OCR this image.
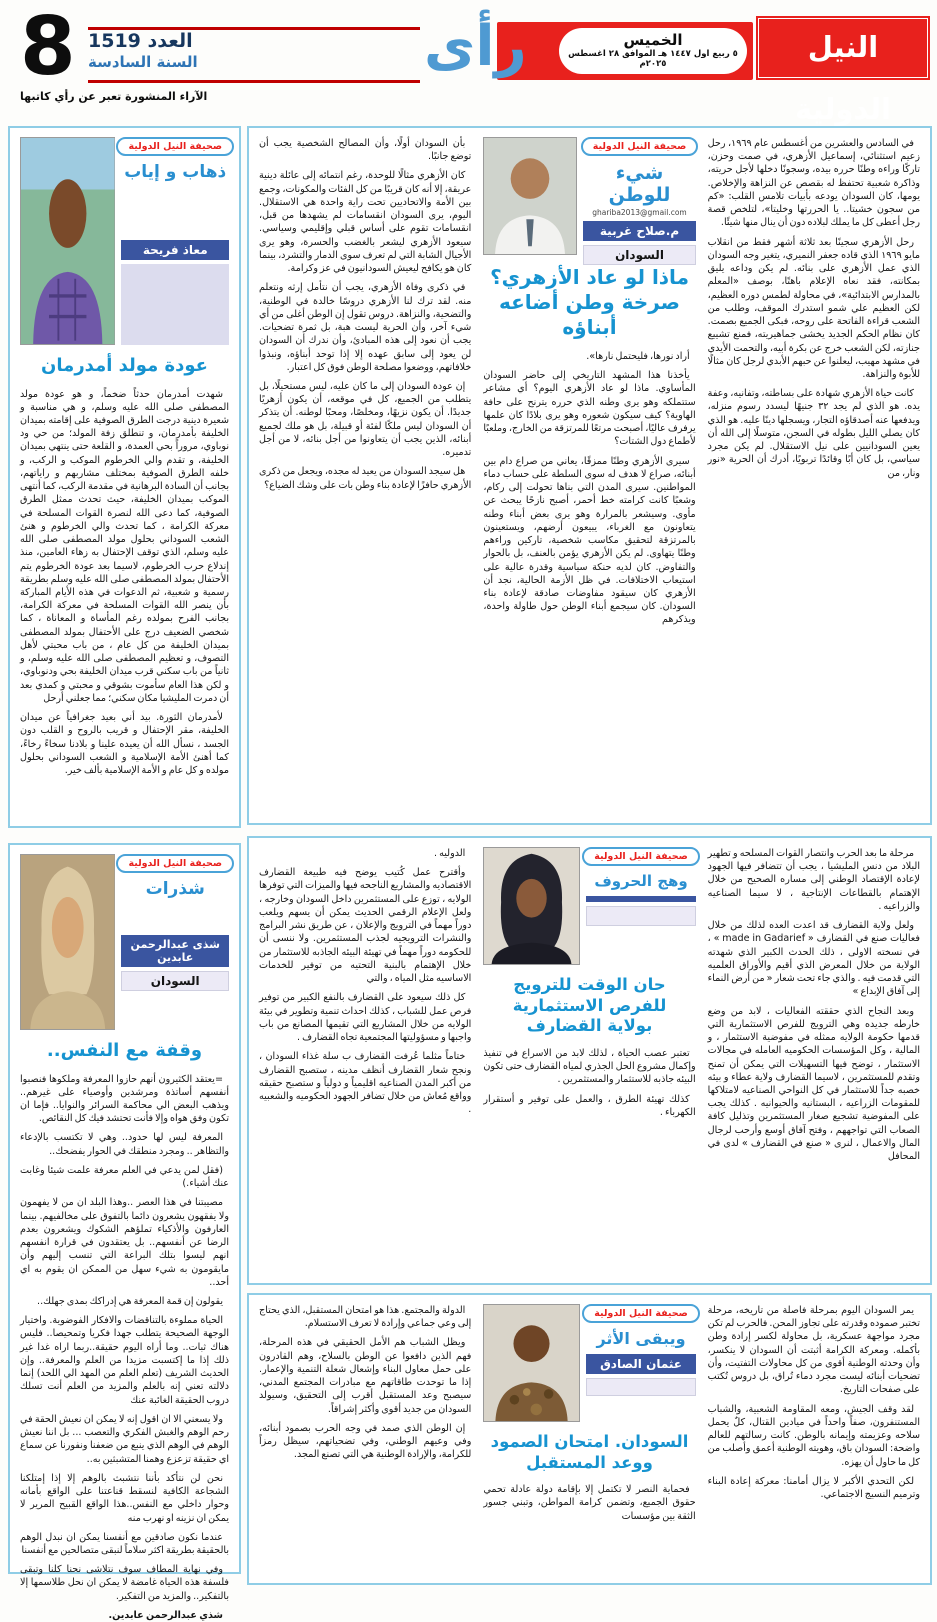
8 العدد 1519
السنة السادسة
الآراء المنشورة تعبر عن رأي كاتبها
رأى	الخميس
٥ ربيع اول ١٤٤٧ هـ الموافق ٢٨ اغسطس ٢٠٢٥م
النيل الدولية
صحيفة النيل الدولية
ذهاب و إياب
معاذ فريحة
عودة مولد أمدرمان

شهدت أمدرمان حدثاً ضخماً، و هو عودة مولد المصطفى صلى الله عليه وسلم، و هي مناسبة و شعيرة دينية درجت الطرق الصوفية على إقامته بميدان الخليفة بأمدرمان، و تنطلق زفة المولد؛ من حي ود نوباوي، مروراً بحي العمدة، و القلعة حتى ينتهي بميدان الخليفة، و تقدم والي الخرطوم الموكب و الركب، و خلفه الطرق الصوفية بمختلف مشاربهم و راياتهم، بجانب أن السادة البرهانية في مقدمة الركب، كما أنتهى الموكب بميدان الخليفة، حيث تحدث ممثل الطرق الصوفية، كما دعى الله لنصرة القوات المسلحة في معركة الكرامة ، كما تحدث والي الخرطوم و هنئ الشعب السوداني بحلول مولد المصطفى صلى الله عليه وسلم، الذي توقف الإحتفال به زهاء العامين، منذ إندلاع حرب الخرطوم، لاسيما بعد عودة الخرطوم يتم الأحتفال بمولد المصطفى صلى الله عليه وسلم بطريقة رسمية و شعبية، ثم الدعوات في هذه الأيام المباركة بأن ينصر الله القوات المسلحة في معركة الكرامة، بجانب الفرح بمولده رغم المأساة و المعاناة ، كما شخصي الضعيف درج على الأحتفال بمولد المصطفى بميدان الخليفة من كل عام ، من باب محبتي لأهل التصوف، و تعظيم المصطفى صلى الله عليه وسلم، و ثانياً من باب سكني قرب ميدان الخليفة بحي ودنوباوي، و لكن هذا العام سأموت بشوقي و محبتي و كمدي بعد أن دمرت المليشيا مكان سكني؛ مما جعلني أرحل

لأمدرمان الثورة. بيد أني بعيد جغرافياً عن ميدان الخليفة، مقر الإحتفال و قريب بالروح و القلب دون الجسد ، نسأل الله أن يعيده علينا و بلادنا سخاءً رخاءً، كما أهنئ الأمة الإسلامية و الشعب السوداني بحلول مولده و كل عام و الأمة الإسلامية بألف خير.

في السادس والعشرين من أغسطس عام ١٩٦٩، رحل زعيم استثنائي، إسماعيل الأزهري، في صمت وحزن، تاركًا وراءه وطنًا حرره بيده، وسجونًا دخلها لأجل حريته، وذاكرة شعبية تحتفظ له بقصص عن النزاهة والإخلاص. يومها، كان السودان يودعه بأبيات تلامس القلب: «كم من سجون خشيتا.. يا الحررتها وخليتا»، لتلخص قصة رجل أعطى كل ما يملك لبلاده دون أن ينال منها شيئًا.

رحل الأزهري سجينًا بعد ثلاثة أشهر فقط من انقلاب مايو ١٩٦٩ الذي قاده جعفر النميري، يتغير وجه السودان الذي عمل الأزهري على بنائه. لم يكن وداعه يليق بمكانته، فقد نعاه الإعلام باهتًا، بوصف «المعلم بالمدارس الابتدائية»، في محاولة لطمس دوره العظيم، لكن العظيم علي شمو استدرك الموقف، وطلب من الشعب قراءة الفاتحة على روحه، فبكى الجميع بصمت. كان نظام الحكم الجديد يخشى جماهيريته، فمنع تشييع جنازته، لكن الشعب خرج عن بكرة أبيه، والتحمت الأيدي في مشهد مهيب، ليعلنوا عن حبهم الأبدي لرجل كان مثالًا للأبوة والنزاهة.

كانت حياة الأزهري شهادة على بساطته، وتفانيه، وعفة يده. هو الذي لم يجد ٣٢ جنيهًا ليسدد رسوم منزله، ويدفعها عنه أصدقاؤه التجار، ويسجلها دينًا عليه. هو الذي كان يصلي الليل بطوله في السجن، متوسلًا إلى الله أن يعين السودانيين على نيل الاستقلال. لم يكن مجرد سياسي، بل كان أبًا وقائدًا تربويًا، أدرك أن الحرية «نور ونار، من

صحيفة النيل الدولية
شيء للوطن
ghariba2013@gmail.com
م.صلاح غربية
السودان
ماذا لو عاد الأزهري؟ صرخة وطن أضاعه أبناؤه

أراد نورها، فليحتمل نارها».

يأخذنا هذا المشهد التاريخي إلى حاضر السودان المأساوي. ماذا لو عاد الأزهري اليوم؟ أي مشاعر ستتملكه وهو يرى وطنه الذي حرره يترنح على حافة الهاوية؟ كيف سيكون شعوره وهو يرى بلادًا كان علمها يرفرف عاليًا، أصبحت مرتعًا للمرتزقة من الخارج، وملعبًا لأطماع دول الشتات؟

سيرى الأزهري وطنًا ممزقًا، يعاني من صراع دام بين أبنائه، صراع لا هدف له سوى السلطة على حساب دماء المواطنين. سيرى المدن التي بناها تحولت إلى ركام، وشعبًا كانت كرامته خط أحمر، أصبح نازحًا يبحث عن مأوى. وسيشعر بالمرارة وهو يرى بعض أبناء وطنه يتعاونون مع الغرباء، يبيعون أرضهم، ويستعينون بالمرتزقة لتحقيق مكاسب شخصية، تاركين وراءهم وطنًا يتهاوى. لم يكن الأزهري يؤمن بالعنف، بل بالحوار والتفاوض. كان لديه حنكة سياسية وقدرة عالية على استيعاب الاختلافات. في ظل الأزمة الحالية، نجد أن الأزهري كان سيقود مفاوضات صادقة لإعادة بناء السودان. كان سيجمع أبناء الوطن حول طاولة واحدة، ويذكرهم

بأن السودان أولًا، وأن المصالح الشخصية يجب أن توضع جانبًا.

كان الأزهري مثالًا للوحدة، رغم انتمائه إلى عائلة دينية عريقة، إلا أنه كان قريبًا من كل الفئات والمكونات، وجمع بين الأمة والاتحاديين تحت راية واحدة هي الاستقلال. اليوم، يرى السودان انقسامات لم يشهدها من قبل، انقسامات تقوم على أساس قبلي وإقليمي وسياسي. سيعود الأزهري ليشعر بالغضب والحسرة، وهو يرى الأجيال الشابة التي لم تعرف سوى الدمار والتشرد، بينما كان هو يكافح ليعيش السودانيون في عز وكرامة.

في ذكرى وفاة الأزهري، يجب أن نتأمل إرثه ونتعلم منه. لقد ترك لنا الأزهري دروسًا خالدة في الوطنية، والتضحية، والنزاهة. دروس تقول إن الوطن أغلى من أي شيء آخر، وأن الحرية ليست هبة، بل ثمرة تضحيات. يجب أن نعود إلى هذه المبادئ، وأن ندرك أن السودان لن يعود إلى سابق عهده إلا إذا توحد أبناؤه، ونبذوا خلافاتهم، ووضعوا مصلحة الوطن فوق كل اعتبار.

إن عودة السودان إلى ما كان عليه، ليس مستحيلًا، بل يتطلب من الجميع، كل في موقعه، أن يكون أزهريًا جديدًا. أن يكون نزيهًا، ومخلصًا، ومحبًا لوطنه. أن يتذكر أن السودان ليس ملكًا لفئة أو قبيلة، بل هو ملك لجميع أبنائه، الذين يجب أن يتعاونوا من أجل بنائه، لا من أجل تدميره.

هل سيجد السودان من يعيد له مجده، ويجعل من ذكرى الأزهري حافزًا لإعادة بناء وطن بات على وشك الضياع؟

صحيفة النيل الدولية
شذرات
شذى عبدالرحمن عابدين
السودان
وقفة مع النفس..

=يعتقد الكثيرون أنهم حازوا المعرفة وملكوها فنصبوا أنفسهم أساتذة ومرشدين وأوصياء على غيرهم.. ويذهب البعض الي محاكمة السرائر والنوايا.. فإما ان تكون وفق هواه وإلا فأنت تحتشد فيك كل النقائص.

المعرفة ليس لها حدود.. وهي لا تكتسب بالإدعاء والتظاهر .. ومجرد منطقك في الحوار يفضحك..

(فقل لمن يدعي في العلم معرفة علمت شيئا وغابت عنك أشياء.)

مصيبتنا في هذا العصر ..وهذا البلد ان من لا يفهمون ولا يفقهون يشعرون دائما بالتفوق على مخالفيهم. بينما العارفون والأذكياء تملؤهم الشكوك ويشعرون بعدم الرضا عن أنفسهم.. بل يعتقدون في قرارة انفسهم انهم ليسوا بتلك البراعة التي تنسب إليهم وأن مايقومون به شيء سهل من الممكن ان يقوم به اي أحد..

يقولون إن قمة المعرفة هي إدراكك بمدى جهلك..

الحياة مملوءة بالتناقضات والافكار الفوضوية. واختيار الوجهة الصحيحة يتطلب جهدا فكريا وتمحيصا.. فليس هناك ثبات.. وما أراه اليوم حقيقة..ربما اراه غدا غير ذلك إذا ما إكتسبت مزيدا من العلم والمعرفة.. وإن الحديث الشريف (تعلم العلم من المهد الي اللحد) إنما دلالته تعني إنه بالعلم والمزيد من العلم أنت تسلك دروب الحقيقة الغائبة عنك

ولا يسعني الا ان اقول إنه لا يمكن ان نعيش الحقة في رحم الوهم والغبش الفكري والتعصب ... بل اننا نعيش الوهم في الوهم الذي ينبع من ضعفنا ونفورنا عن سماع اي حقيقة تزعزع وهمنا المتشبثين به..

نحن لن نتأكد بأننا نتشبث بالوهم إلا إذا إمتلكنا الشجاعة الكافية لنسقط قناعتنا على الواقع بأمانه وحوار داخلي مع النفس..هذا الواقع القبيح المرير لا يمكن ان نزينه او نهرب منه

عندما نكون صادقين مع أنفسنا يمكن ان نبدل الوهم بالحقيقة بطريقة اكثر سلاماً لنبقى متصالحين مع أنفسنا

وفي نهاية المطاف سوف نتلاشى نحنا كلنا وتبقى فلسفة هذه الحياة غامضة لا يمكن ان نحل طلاسمها إلا بالتفكير.. والمزيد من التفكير.

شذي عبدالرحمن عابدين.

مرحلة ما بعد الحرب وانتصار القوات المسلحه و تطهير البلاد من دنس المليشيا ، يجب أن تتضافر فيها الجهود لإعادة الإقتصاد الوطني إلى مساره الصحيح من خلال الإهتمام بالقطاعات الإنتاجية ، لا سيما الصناعيه والزراعيه .

ولعل ولاية القضارف قد اعدت العده لذلك من خلال فعاليات صنع في القضارف « made in Gadarief » ، في نسخته الاولى ، ذلك الحدث الكبير الذي شهدته الولاية من خلال المعرض الذي أقيم والأوراق العلميه التي قدمت فيه . والذي جاء تحت شعار « من أرض النماء إلى آفاق الإبداع »

وبعد النجاح الذي حققته الفعاليات ، لابد من وضع خارطه جديده وهي الترويج للفرص الاستثمارية التي قدمها حكومة الولايه ممثله في مفوضية الاستثمار ، و المالية ، وكل المؤسسات الحكوميه العامله في مجالات الاستثمار ، توضح فيها التسهيلات التي يمكن أن تمنح وتقدم للمستثمرين ، لاسيما القضارف ولاية عطاء و بيئه خصبه جداً للاستثمار في كل النواحي الصناعيه لامتلاكها للمقومات الزراعيه ، البستانيه والحيوانيه . كذلك يجب على المفوضية تشجيع صغار المستثمرين وتذليل كافة الصعاب التي تواجههم ، وفتح آفاق أوسع وأرحب لرجال المال والاعمال ، لنرى « صنع في القضارف » لدى في المحافل

صحيفة النيل الدولية
وهج الحروف
حان الوقت للترويج للفرص الاستثمارية بولاية القضارف

تعتبر عصب الحياة ، لذلك لابد من الاسراع في تنفيذ وإكمال مشروع الحل الجذري لمياه القضارف حتى تكون البيئه جاذبه للاستثمار والمستثمرين .

كذلك تهيئة الطرق ، والعمل على توفير و أستقرار الكهرباء .

الدوليه .

وأقترح عمل كُتيب يوضح فيه طبيعة القضارف الاقتصاديه والمشاريع الناجحه فيها والميزات التي توفرها الولايه ، توزع على المستثمرين داخل السودان وخارجه ، ولعل الإعلام الرقمي الحديث يمكن أن يسهم ويلعب دوراً مهماً في الترويج والإعلان ، عن طريق نشر البرامج والنشرات الترويجيه لجذب المستثمرين. ولا ننسى أن للحكومه دوراً مهماً في تهيئة البيئه الجاذبه للاستثمار من خلال الإهتمام بالبنية التحتيه من توفير للخدمات الاساسيه مثل المياه ، والتي

كل ذلك سيعود على القضارف بالنفع الكبير من توفير فرص عمل للشباب ، كذلك احداث تنمية وتطوير في بيئة الولايه من خلال المشاريع التي تقيمها المصانع من باب واجبها و مسؤوليتها المجتمعية تجاه القضارف .

ختاماً مثلما عُرفت القضارف ب سلة غذاء السودان ، ونجح شعار القضارف أنظف مدينه ، ستصبح القضارف من أكبر المدن الصناعيه اقليمياً و دولياً و ستصبح حقيقه وواقع مُعاش من خلال تضافر الجهود الحكوميه والشعبيه .

يمر السودان اليوم بمرحلة فاصلة من تاريخه، مرحلة تختبر صموده وقدرته على تجاوز المحن. فالحرب لم تكن مجرد مواجهة عسكرية، بل محاولة لكسر إرادة وطن بأكمله. ومعركة الكرامة أثبتت أن السودان لا ينكسر، وأن وحدته الوطنية أقوى من كل محاولات التفتيت، وأن تضحيات أبنائه ليست مجرد دماء تُراق، بل دروس تُكتب على صفحات التاريخ.

لقد وقف الجيش، ومعه المقاومة الشعبية، والشباب المستنفرون، صفاً واحداً في ميادين القتال، كلٌ يحمل سلاحه وعزيمته وإيمانه بالوطن. كانت رسالتهم للعالم واضحة: السودان باق، وهويته الوطنية أعمق وأصلب من كل ما حاول أن يهزه.

لكن التحدي الأكبر لا يزال أمامنا: معركة إعادة البناء وترميم النسيج الاجتماعي.

صحيفة النيل الدولية
ويبقى الأثر
عثمان الصادق
السودان. امتحان الصمود ووعد المستقبل

فحماية النصر لا تكتمل إلا بإقامة دولة عادلة تحمي حقوق الجميع، وتضمن كرامة المواطن، وتبني جسور الثقة بين مؤسسات

الدولة والمجتمع. هذا هو امتحان المستقبل، الذي يحتاج إلى وعي جماعي وإرادة لا تعرف الاستسلام.

ويظل الشباب هم الأمل الحقيقي في هذه المرحلة، فهم الذين دافعوا عن الوطن بالسلاح، وهم القادرون على حمل معاول البناء وإشعال شعلة التنمية والإعمار. إذا ما توحدت طاقاتهم مع مبادرات المجتمع المدني، سيصبح وعد المستقبل أقرب إلى التحقيق، وسيولد السودان من جديد أقوى وأكثر إشراقاً.

إن الوطن الذي صمد في وجه الحرب بصمود أبنائه، وفي وعيهم الوطني، وفي تضحياتهم، سيظل رمزاً للكرامة، والإرادة الوطنية هي التي تصنع المجد.
